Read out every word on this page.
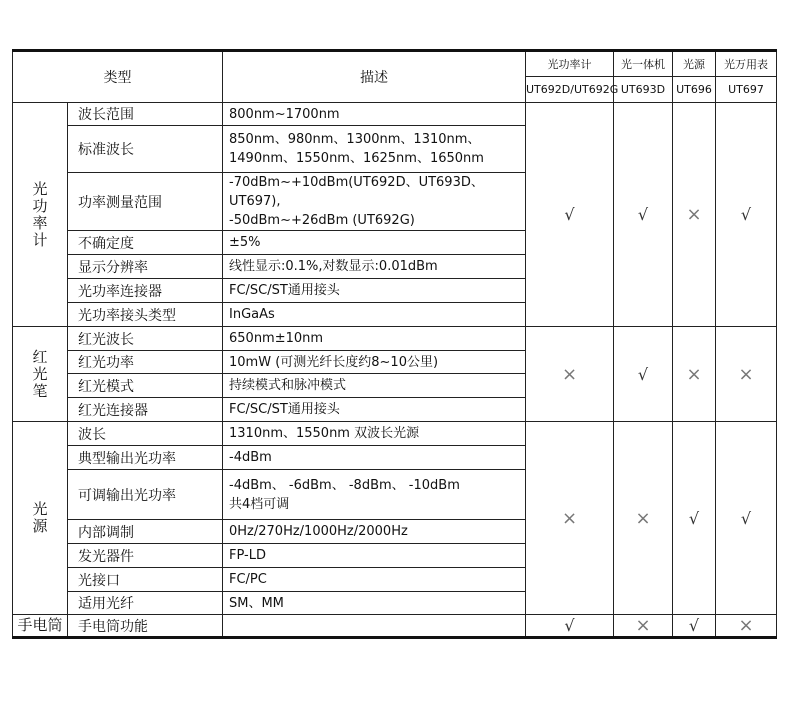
类型		描述	光功率计	光一体机	光源	光万用表
			UT692D/UT692G	UT693D	UT696	UT697
光功率计	波长范围	800nm~1700nm	√	√	×	√
	标准波长	850nm、980nm、1300nm、1310nm、
1490nm、1550nm、1625nm、1650nm				
	功率测量范围	-70dBm~+10dBm(UT692D、UT693D、UT697),
-50dBm~+26dBm (UT692G)				
	不确定度	±5%				
	显示分辨率	线性显示:0.1%,对数显示:0.01dBm				
	光功率连接器	FC/SC/ST通用接头				
	光功率接头类型	InGaAs				
红光笔	红光波长	650nm±10nm	×	√	×	×
	红光功率	10mW (可测光纤长度约8~10公里)				
	红光模式	持续模式和脉冲模式				
	红光连接器	FC/SC/ST通用接头				
光源	波长	1310nm、1550nm 双波长光源	×	×	√	√
	典型输出光功率	-4dBm				
	可调输出光功率	-4dBm、 -6dBm、 -8dBm、 -10dBm
共4档可调				
	内部调制	0Hz/270Hz/1000Hz/2000Hz				
	发光器件	FP-LD				
	光接口	FC/PC				
	适用光纤	SM、MM				
手电筒	手电筒功能		√	×	√	×
